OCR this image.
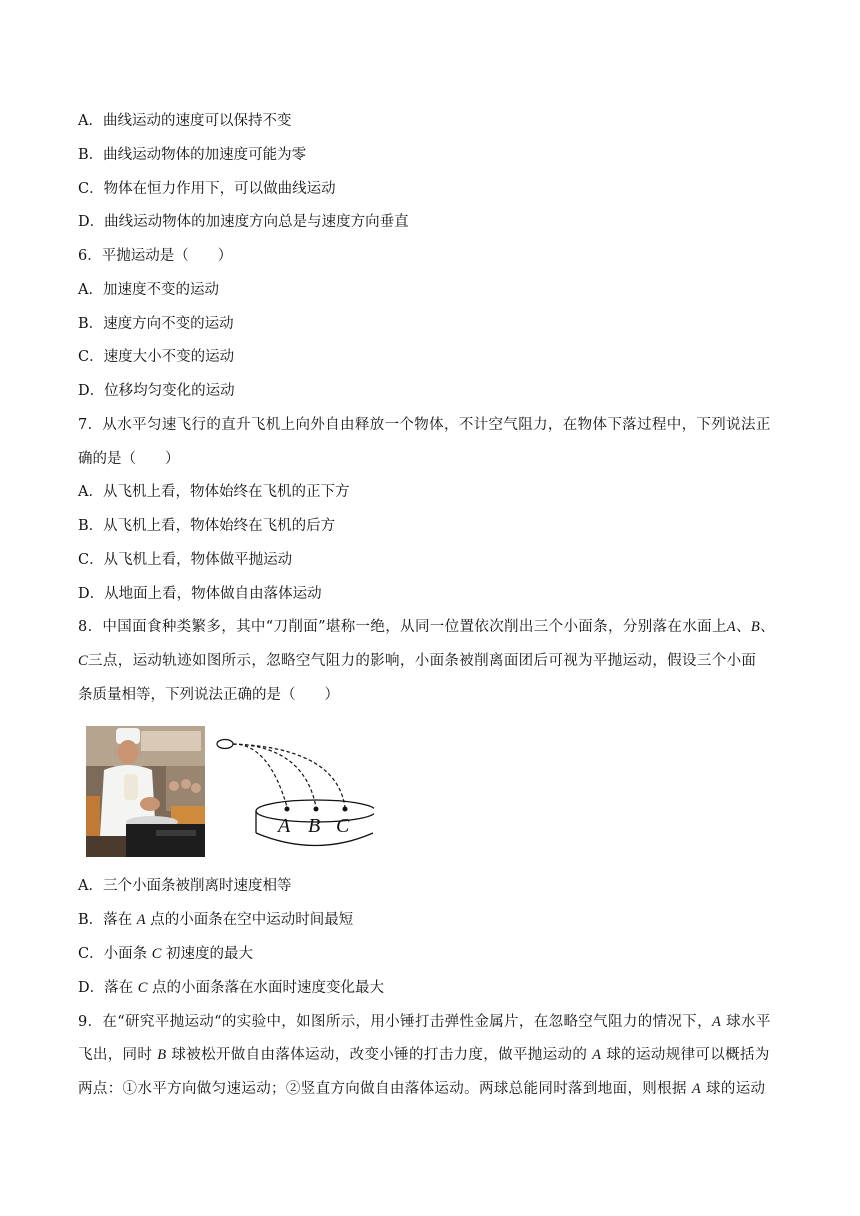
A．曲线运动的速度可以保持不变
B．曲线运动物体的加速度可能为零
C．物体在恒力作用下，可以做曲线运动
D．曲线运动物体的加速度方向总是与速度方向垂直
6．平抛运动是（　　）
A．加速度不变的运动
B．速度方向不变的运动
C．速度大小不变的运动
D．位移均匀变化的运动
7．从水平匀速飞行的直升飞机上向外自由释放一个物体，不计空气阻力，在物体下落过程中，下列说法正
确的是（　　）
A．从飞机上看，物体始终在飞机的正下方
B．从飞机上看，物体始终在飞机的后方
C．从飞机上看，物体做平抛运动
D．从地面上看，物体做自由落体运动
8．中国面食种类繁多，其中“刀削面”堪称一绝，从同一位置依次削出三个小面条，分别落在水面上A、B、
C三点，运动轨迹如图所示，忽略空气阻力的影响，小面条被削离面团后可视为平抛运动，假设三个小面
条质量相等，下列说法正确的是（　　）
A B C
A．三个小面条被削离时速度相等
B．落在 A 点的小面条在空中运动时间最短
C．小面条 C 初速度的最大
D．落在 C 点的小面条落在水面时速度变化最大
9．在“研究平抛运动“的实验中，如图所示，用小锤打击弹性金属片，在忽略空气阻力的情况下，A 球水平
飞出，同时 B 球被松开做自由落体运动，改变小锤的打击力度，做平抛运动的 A 球的运动规律可以概括为
两点：①水平方向做匀速运动；②竖直方向做自由落体运动。两球总能同时落到地面，则根据 A 球的运动
